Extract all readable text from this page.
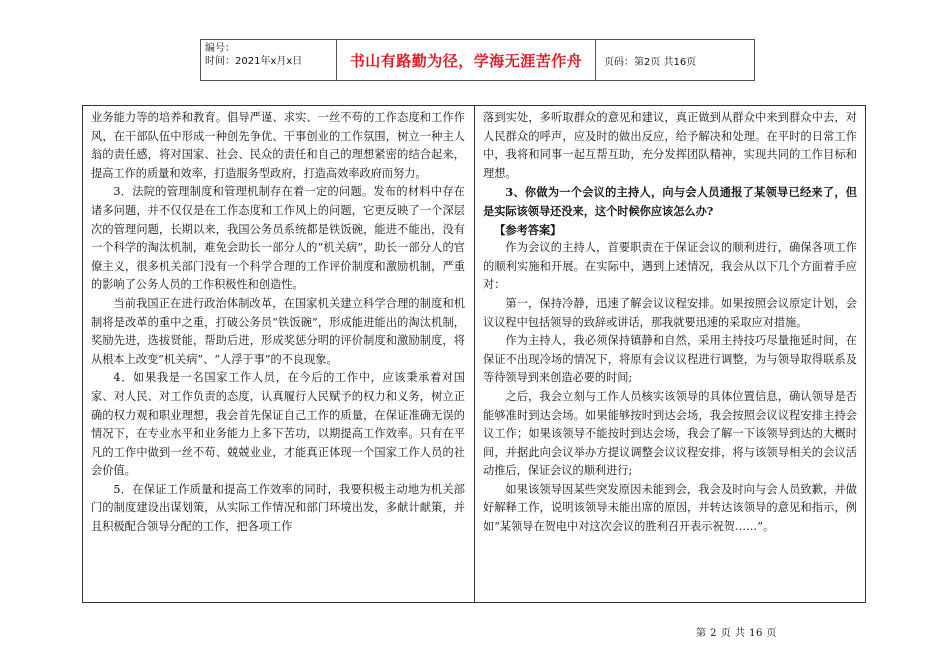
编号：
时间：2021年x月x日	书山有路勤为径，学海无涯苦作舟	页码：第2页 共16页

业务能力等的培养和教育。倡导严谨、求实、一丝不苟的工作态度和工作作风，在干部队伍中形成一种创先争优、干事创业的工作氛围，树立一种主人翁的责任感，将对国家、社会、民众的责任和自己的理想紧密的结合起来，提高工作的质量和效率，打造服务型政府，打造高效率政府而努力。

3．法院的管理制度和管理机制存在着一定的问题。发布的材料中存在诸多问题，并不仅仅是在工作态度和工作风上的问题，它更反映了一个深层次的管理问题，长期以来，我国公务员系统都是铁饭碗，能进不能出，没有一个科学的淘汰机制，难免会助长一部分人的“机关病”，助长一部分人的官僚主义，很多机关部门没有一个科学合理的工作评价制度和激励机制，严重的影响了公务人员的工作积极性和创造性。

当前我国正在进行政治体制改革，在国家机关建立科学合理的制度和机制将是改革的重中之重，打破公务员“铁饭碗”，形成能进能出的淘汰机制，奖励先进，选拔贤能，帮助后进，形成奖惩分明的评价制度和激励制度，将从根本上改变“机关病”、“人浮于事”的不良现象。

4．如果我是一名国家工作人员，在今后的工作中，应该秉承着对国家、对人民、对工作负责的态度，认真履行人民赋予的权力和义务，树立正确的权力观和职业理想，我会首先保证自己工作的质量，在保证准确无误的情况下，在专业水平和业务能力上多下苦功，以期提高工作效率。只有在平凡的工作中做到一丝不苟、兢兢业业，才能真正体现一个国家工作人员的社会价值。

5．在保证工作质量和提高工作效率的同时，我要积极主动地为机关部门的制度建设出谋划策，从实际工作情况和部门环境出发，多献计献策，并且积极配合领导分配的工作，把各项工作

落到实处，多听取群众的意见和建议，真正做到从群众中来到群众中去，对人民群众的呼声，应及时的做出反应，给予解决和处理。在平时的日常工作中，我将和同事一起互帮互助，充分发挥团队精神，实现共同的工作目标和理想。

3、你做为一个会议的主持人，向与会人员通报了某领导已经来了，但是实际该领导还没来，这个时候你应该怎么办?

【参考答案】

作为会议的主持人，首要职责在于保证会议的顺利进行，确保各项工作的顺利实施和开展。在实际中，遇到上述情况，我会从以下几个方面着手应对：

第一，保持冷静，迅速了解会议议程安排。如果按照会议原定计划，会议议程中包括领导的致辞或讲话，那我就要迅速的采取应对措施。

作为主持人，我必须保持镇静和自然，采用主持技巧尽量拖延时间，在保证不出现冷场的情况下，将原有会议议程进行调整，为与领导取得联系及等待领导到来创造必要的时间;

之后，我会立刻与工作人员核实该领导的具体位置信息，确认领导是否能够准时到达会场。如果能够按时到达会场，我会按照会议议程安排主持会议工作；如果该领导不能按时到达会场，我会了解一下该领导到达的大概时间，并据此向会议举办方提议调整会议议程安排，将与该领导相关的会议活动推后，保证会议的顺利进行;

如果该领导因某些突发原因未能到会，我会及时向与会人员致歉，并做好解释工作，说明该领导未能出席的原因，并转达该领导的意见和指示，例如“某领导在贺电中对这次会议的胜利召开表示祝贺……”。

第 2 页 共 16 页
